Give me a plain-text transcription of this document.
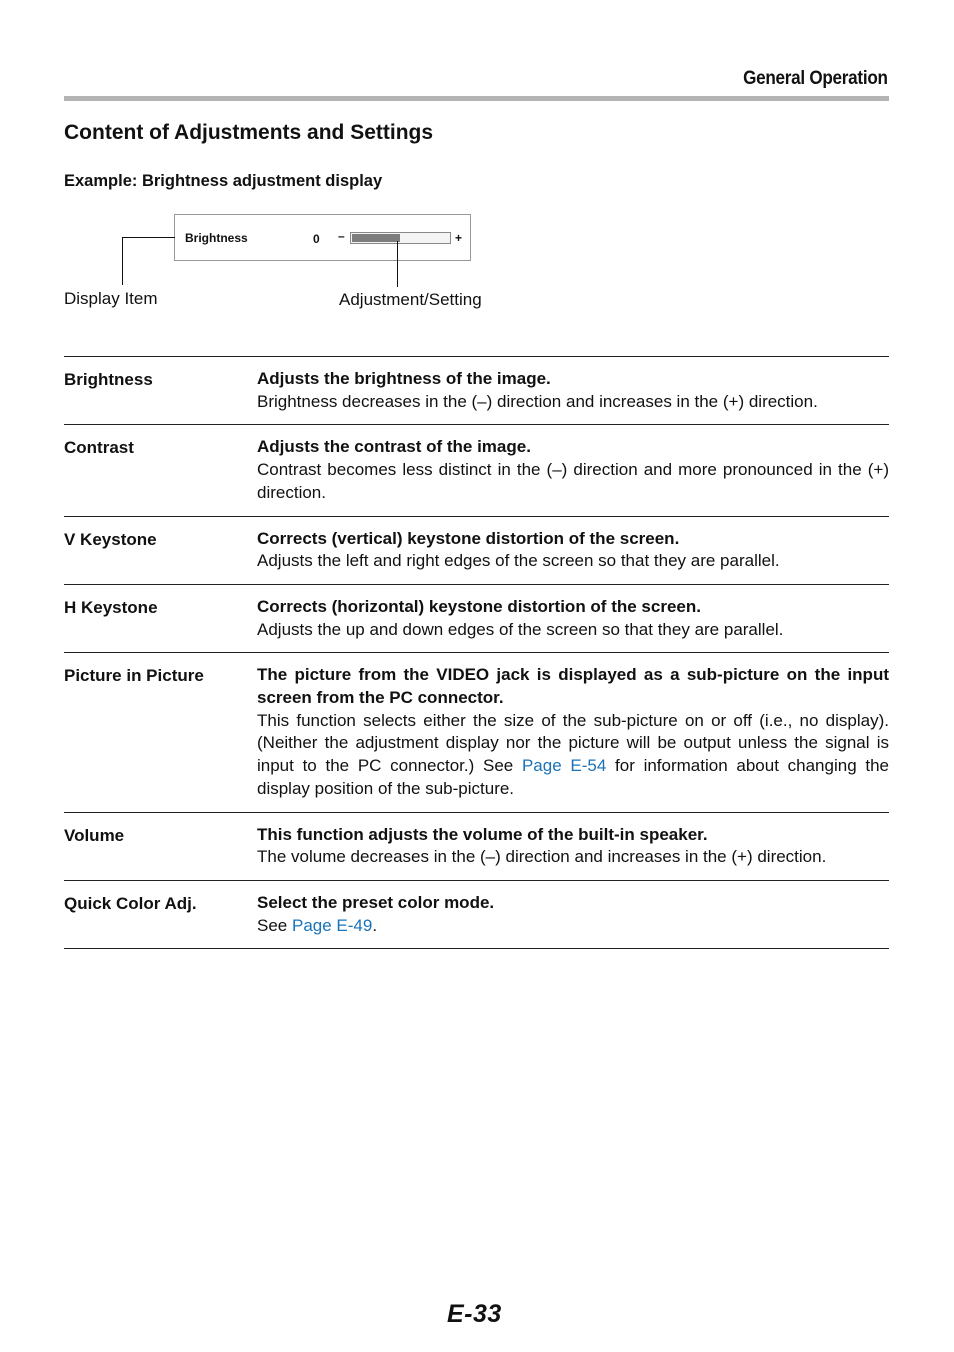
General Operation
Content of Adjustments and Settings
Example: Brightness adjustment display
Brightness	0 –	+
Display Item	Adjustment/Setting
Brightness	Adjusts the brightness of the image.
Brightness decreases in the (–) direction and increases in the (+) direction.
Contrast	Adjusts the contrast of the image.
Contrast becomes less distinct in the (–) direction and more pronounced in the (+) direction.
V Keystone	Corrects (vertical) keystone distortion of the screen.
Adjusts the left and right edges of the screen so that they are parallel.
H Keystone	Corrects (horizontal) keystone distortion of the screen.
Adjusts the up and down edges of the screen so that they are parallel.
Picture in Picture	The picture from the VIDEO jack is displayed as a sub-picture on the input screen from the PC connector.
This function selects either the size of the sub-picture on or off (i.e., no display). (Neither the adjustment display nor the picture will be output unless the signal is input to the PC connector.) See Page E-54 for information about changing the display position of the sub-picture.
Volume	This function adjusts the volume of the built-in speaker.
The volume decreases in the (–) direction and increases in the (+) direction.
Quick Color Adj.	Select the preset color mode.
See Page E-49.
E-33
